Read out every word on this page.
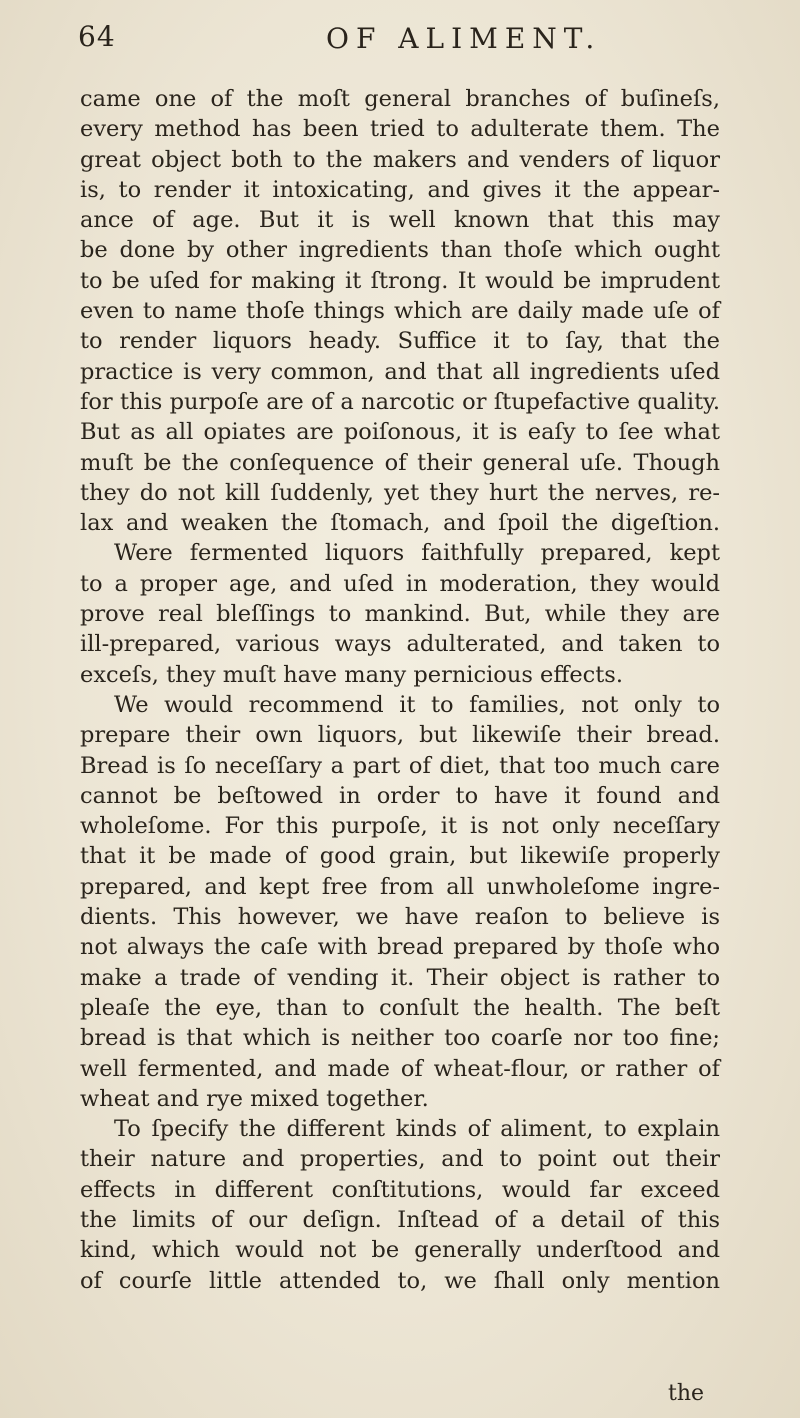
64	OF ALIMENT.
came one of the moſt general branches of buſineſs,
every method has been tried to adulterate them. The
great object both to the makers and venders of liquor
is, to render it intoxicating, and gives it the appear-
ance of age. But it is well known that this may
be done by other ingredients than thoſe which ought
to be uſed for making it ſtrong. It would be imprudent
even to name thoſe things which are daily made uſe of
to render liquors heady. Suffice it to ſay, that the
practice is very common, and that all ingredients uſed
for this purpoſe are of a narcotic or ſtupefactive quality.
But as all opiates are poiſonous, it is eaſy to ſee what
muſt be the conſequence of their general uſe. Though
they do not kill ſuddenly, yet they hurt the nerves, re-
lax and weaken the ſtomach, and ſpoil the digeſtion.
Were fermented liquors faithfully prepared, kept
to a proper age, and uſed in moderation, they would
prove real bleſſings to mankind. But, while they are
ill-prepared, various ways adulterated, and taken to
exceſs, they muſt have many pernicious effects.
We would recommend it to families, not only to
prepare their own liquors, but likewiſe their bread.
Bread is ſo neceſſary a part of diet, that too much care
cannot be beſtowed in order to have it found and
wholeſome. For this purpoſe, it is not only neceſſary
that it be made of good grain, but likewiſe properly
prepared, and kept free from all unwholeſome ingre-
dients. This however, we have reaſon to believe is
not always the caſe with bread prepared by thoſe who
make a trade of vending it. Their object is rather to
pleaſe the eye, than to conſult the health. The beſt
bread is that which is neither too coarſe nor too fine;
well fermented, and made of wheat-flour, or rather of
wheat and rye mixed together.
To ſpecify the different kinds of aliment, to explain
their nature and properties, and to point out their
effects in different conſtitutions, would far exceed
the limits of our deſign. Inſtead of a detail of this
kind, which would not be generally underſtood and
of courſe little attended to, we ſhall only mention
the
